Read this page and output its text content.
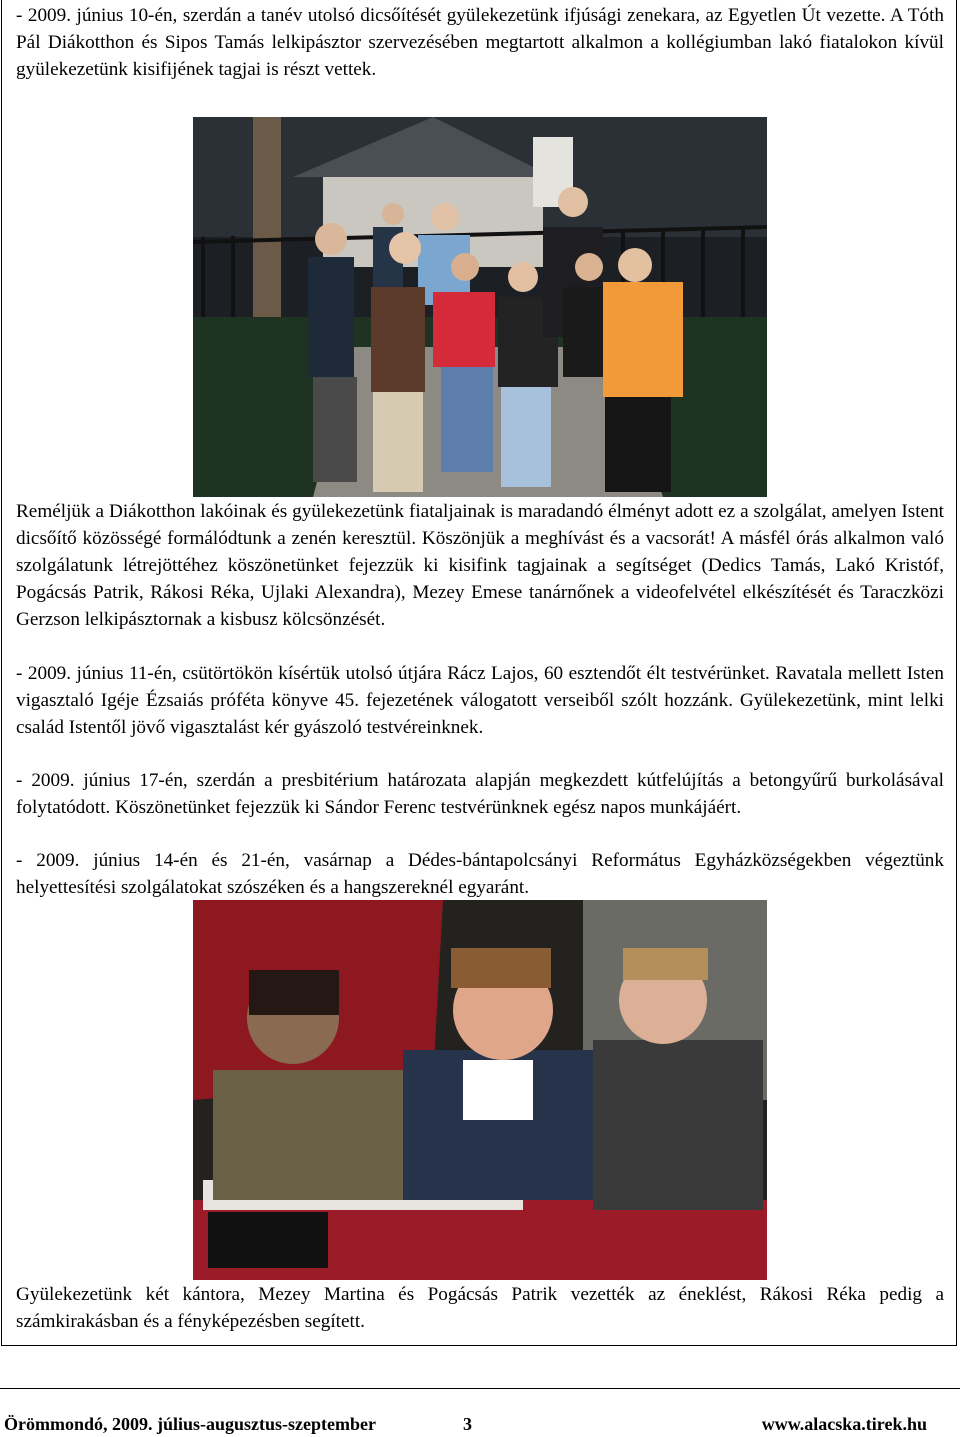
- 2009. június 10-én, szerdán a tanév utolsó dicsőítését gyülekezetünk ifjúsági zenekara, az Egyetlen Út vezette. A Tóth Pál Diákotthon és Sipos Tamás lelkipásztor szervezésében megtartott alkalmon a kollégiumban lakó fiatalokon kívül gyülekezetünk kisifijének tagjai is részt vettek.

Reméljük a Diákotthon lakóinak és gyülekezetünk fiataljainak is maradandó élményt adott ez a szolgálat, amelyen Istent dicsőítő közösségé formálódtunk a zenén keresztül. Köszönjük a meghívást és a vacsorát! A másfél órás alkalmon való szolgálatunk létrejöttéhez köszönetünket fejezzük ki kisifink tagjainak a segítséget (Dedics Tamás, Lakó Kristóf, Pogácsás Patrik, Rákosi Réka, Ujlaki Alexandra), Mezey Emese tanárnőnek a videofelvétel elkészítését és Taraczközi Gerzson lelkipásztornak a kisbusz kölcsönzését.

- 2009. június 11-én, csütörtökön kísértük utolsó útjára Rácz Lajos, 60 esztendőt élt testvérünket. Ravatala mellett Isten vigasztaló Igéje Ézsaiás próféta könyve 45. fejezetének válogatott verseiből szólt hozzánk. Gyülekezetünk, mint lelki család Istentől jövő vigasztalást kér gyászoló testvéreinknek.

- 2009. június 17-én, szerdán a presbitérium határozata alapján megkezdett kútfelújítás a betongyűrű burkolásával folytatódott. Köszönetünket fejezzük ki Sándor Ferenc testvérünknek egész napos munkájáért.

- 2009. június 14-én és 21-én, vasárnap a Dédes-bántapolcsányi Református Egyházközségekben végeztünk helyettesítési szolgálatokat szószéken és a hangszereknél egyaránt.

Gyülekezetünk két kántora, Mezey Martina és Pogácsás Patrik vezették az éneklést, Rákosi Réka pedig a számkirakásban és a fényképezésben segített.

Örömmondó, 2009. július-augusztus-szeptember	3	www.alacska.tirek.hu
